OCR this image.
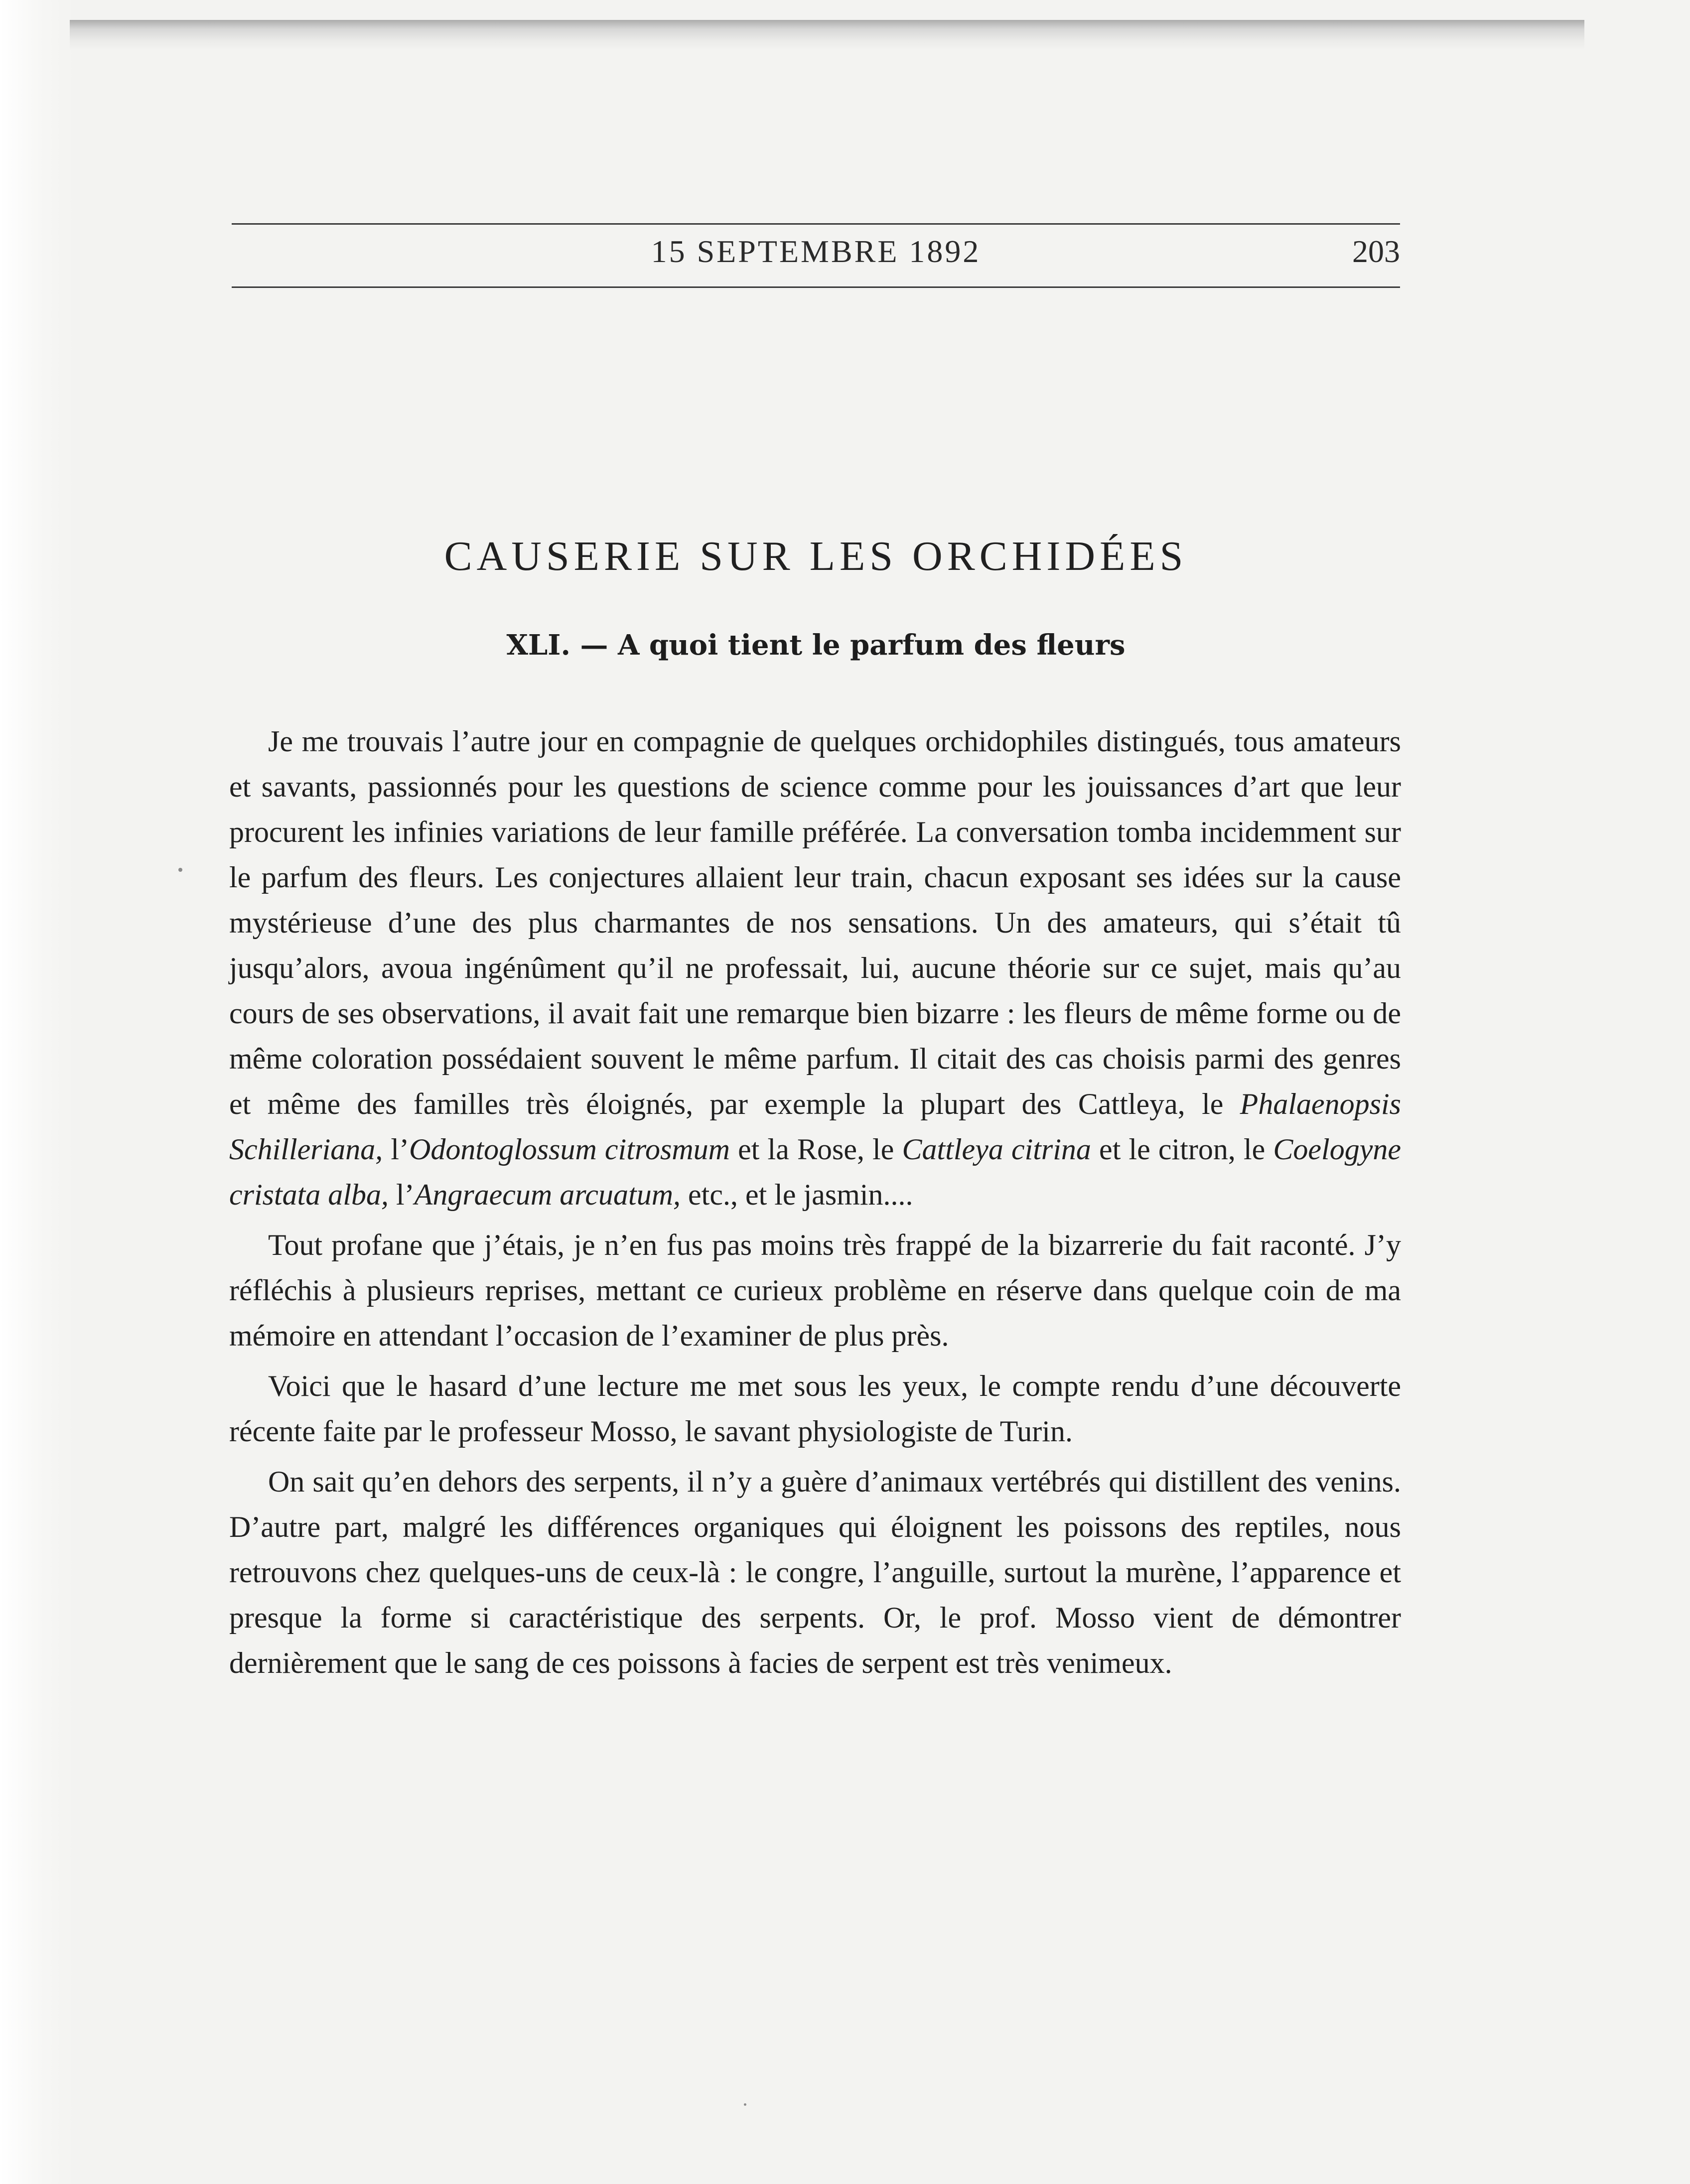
15 SEPTEMBRE 1892	203
CAUSERIE SUR LES ORCHIDÉES
XLI. — A quoi tient le parfum des fleurs

Je me trouvais l’autre jour en compagnie de quelques orchidophiles distingués, tous amateurs et savants, passionnés pour les questions de science comme pour les jouissances d’art que leur procurent les infinies variations de leur famille préférée. La conversation tomba incidemment sur le parfum des fleurs. Les conjectures allaient leur train, chacun exposant ses idées sur la cause mystérieuse d’une des plus charmantes de nos sensations. Un des amateurs, qui s’était tû jusqu’alors, avoua ingénûment qu’il ne professait, lui, aucune théorie sur ce sujet, mais qu’au cours de ses observations, il avait fait une remarque bien bizarre : les fleurs de même forme ou de même coloration possédaient souvent le même parfum. Il citait des cas choisis parmi des genres et même des familles très éloignés, par exemple la plupart des Cattleya, le Phalaenopsis Schilleriana, l’Odontoglossum citrosmum et la Rose, le Cattleya citrina et le citron, le Coelogyne cristata alba, l’Angraecum arcuatum, etc., et le jasmin....

Tout profane que j’étais, je n’en fus pas moins très frappé de la bizarrerie du fait raconté. J’y réfléchis à plusieurs reprises, mettant ce curieux problème en réserve dans quelque coin de ma mémoire en attendant l’occasion de l’examiner de plus près.

Voici que le hasard d’une lecture me met sous les yeux, le compte rendu d’une découverte récente faite par le professeur Mosso, le savant physiologiste de Turin.

On sait qu’en dehors des serpents, il n’y a guère d’animaux vertébrés qui distillent des venins. D’autre part, malgré les différences organiques qui éloignent les poissons des reptiles, nous retrouvons chez quelques-uns de ceux-là : le congre, l’anguille, surtout la murène, l’apparence et presque la forme si caractéristique des serpents. Or, le prof. Mosso vient de démontrer dernièrement que le sang de ces poissons à facies de serpent est très venimeux.
